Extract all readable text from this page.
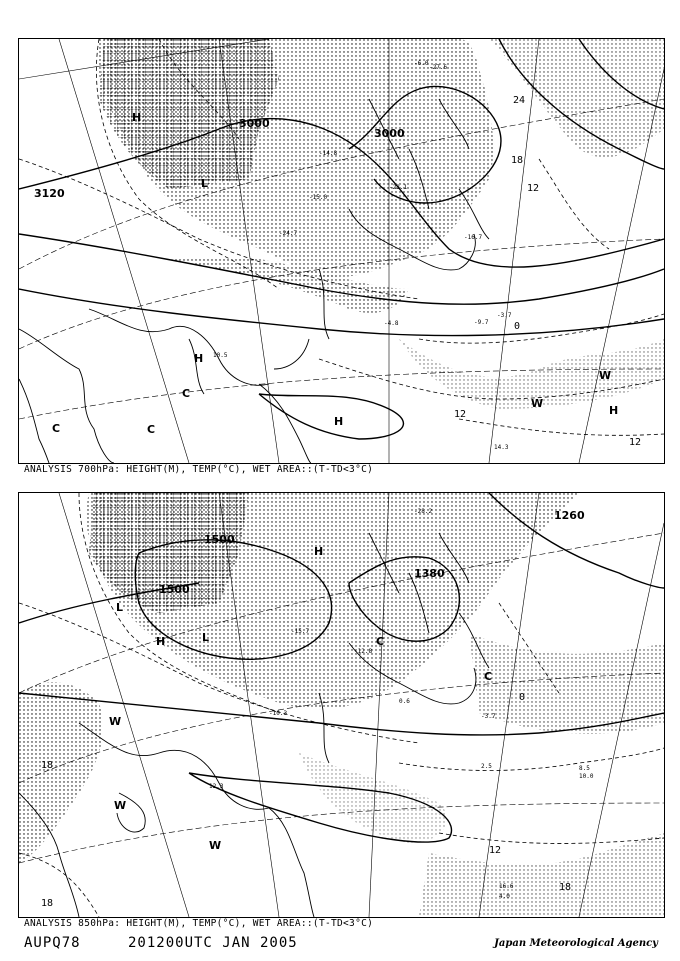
3000
3000
3120
12
12
12
0
18
24
H
H
H
H
L
C
C	C
W
W
-14.8
-24.7
-22.1
-27.6
-6.0
-9.7
-3.7
-4.8
10.5
-15.0
-16.7
14.3
ANALYSIS 700hPa: HEIGHT(M), TEMP(°C), WET AREA::(T-TD<3°C)
1500
1500
1380
1260
18
18
12
0
18
H
L
H
W
W
W
C
C
L	-15.7
-12.8
-28.2
-10.3
0.6
-3.7
2.5
10.0
12.3
8.5
16.6
4.0
ANALYSIS 850hPa: HEIGHT(M), TEMP(°C), WET AREA::(T-TD<3°C)
AUPQ78	201200UTC JAN 2005	Japan Meteorological Agency
